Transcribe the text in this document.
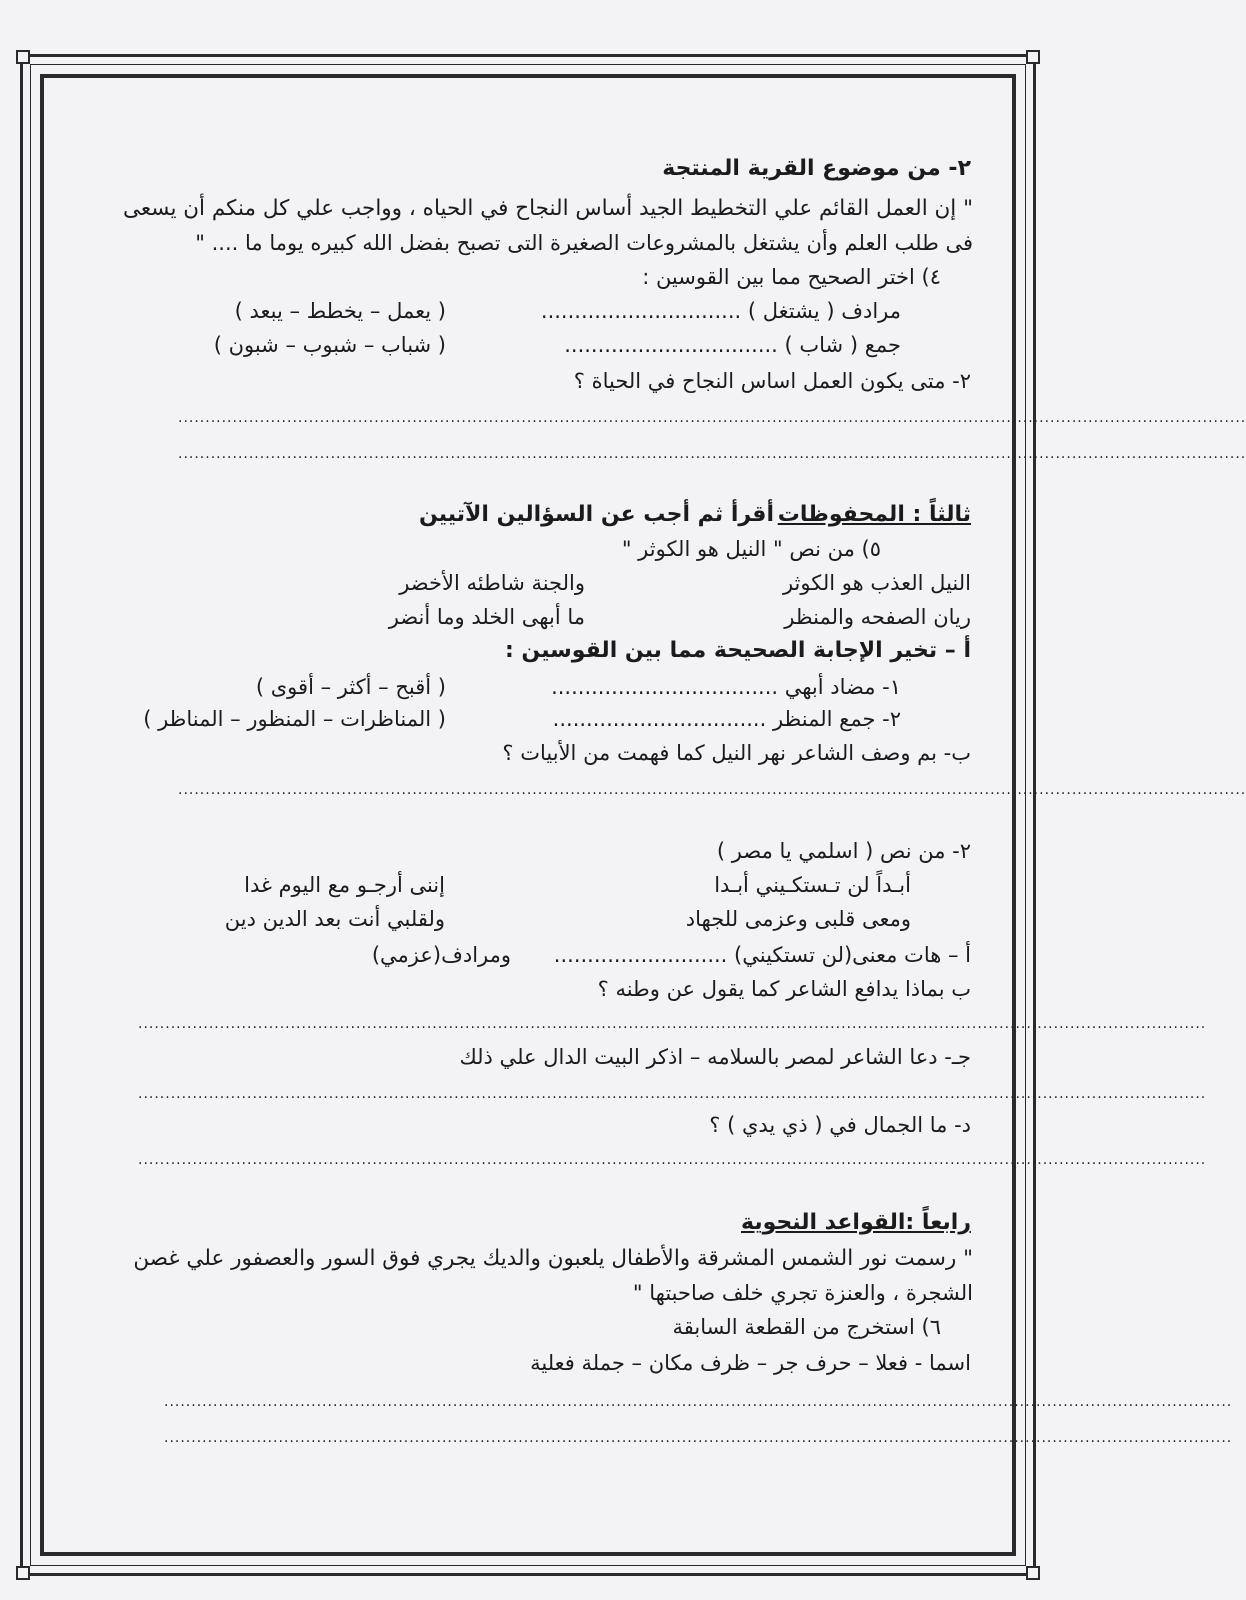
٢- من موضوع القرية المنتجة
" إن العمل القائم علي التخطيط الجيد أساس النجاح في الحياه ، وواجب علي كل منكم أن يسعى
فى طلب العلم وأن يشتغل بالمشروعات الصغيرة التى تصبح بفضل الله كبيره يوما ما .... "
٤) اختر الصحيح مما بين القوسين :
مرادف ( يشتغل ) ..............................
( يعمل – يخطط – يبعد )
جمع ( شاب ) ................................
( شباب – شبوب – شبون )
٢- متى يكون العمل اساس النجاح في الحياة ؟
....................................................................................................................................................................................................
....................................................................................................................................................................................................
ثالثاً : المحفوظات
أقرأ ثم أجب عن السؤالين الآتيين
٥) من نص " النيل هو الكوثر "
النيل العذب هو الكوثر
والجنة شاطئه الأخضر
ريان الصفحه والمنظر
ما أبهى الخلد وما أنضر
أ – تخير الإجابة الصحيحة مما بين القوسين :
١- مضاد أبهي ..................................
( أقبح – أكثر – أقوى )
٢- جمع المنظر ................................
( المناظرات – المنظور – المناظر )
ب- بم وصف الشاعر نهر النيل كما فهمت من الأبيات ؟
....................................................................................................................................................................................................
٢- من نص ( اسلمي يا مصر )
أبـداً لن تـستكـيني أبـدا
إننى أرجـو مع اليوم غدا
ومعى قلبى وعزمى للجهاد
ولقلبي أنت بعد الدين دين
أ – هات معنى(لن تستكيني) ..........................
ومرادف(عزمي)
ب بماذا يدافع الشاعر كما يقول عن وطنه ؟
....................................................................................................................................................................................................
جـ- دعا الشاعر لمصر بالسلامه – اذكر البيت الدال علي ذلك
....................................................................................................................................................................................................
د- ما الجمال في ( ذي يدي ) ؟
....................................................................................................................................................................................................
رابعاً :القواعد النحوية
" رسمت نور الشمس المشرقة والأطفال يلعبون والديك يجري فوق السور والعصفور علي غصن
الشجرة ، والعنزة تجري خلف صاحبتها "
٦) استخرج من القطعة السابقة
اسما - فعلا – حرف جر – ظرف مكان – جملة فعلية
....................................................................................................................................................................................................
....................................................................................................................................................................................................
